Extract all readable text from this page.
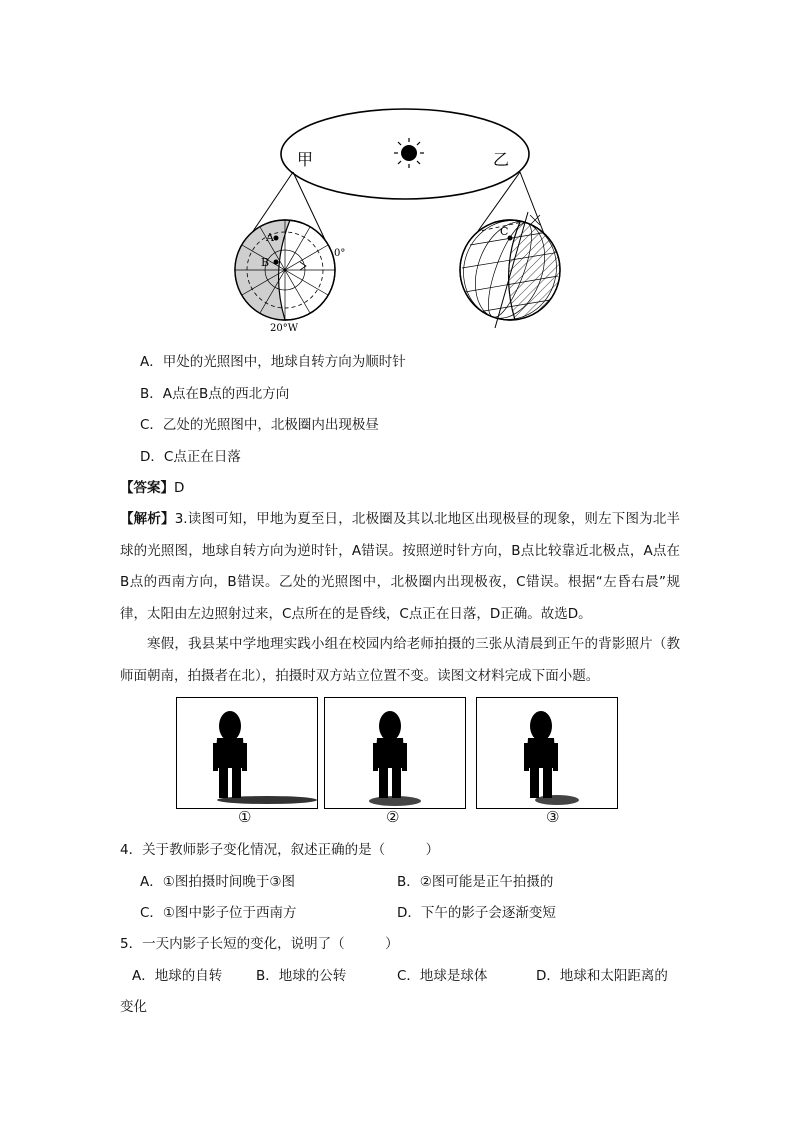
甲	乙
A
B
C
0°
20°W
A．甲处的光照图中，地球自转方向为顺时针
B．A点在B点的西北方向
C．乙处的光照图中，北极圈内出现极昼
D．C点正在日落
【答案】D
【解析】3.读图可知，甲地为夏至日，北极圈及其以北地区出现极昼的现象，则左下图为北半球的光照图，地球自转方向为逆时针，A错误。按照逆时针方向，B点比较靠近北极点，A点在B点的西南方向，B错误。乙处的光照图中，北极圈内出现极夜，C错误。根据“左昏右晨”规律，太阳由左边照射过来，C点所在的是昏线，C点正在日落，D正确。故选D。
寒假，我县某中学地理实践小组在校园内给老师拍摄的三张从清晨到正午的背影照片（教师面朝南，拍摄者在北），拍摄时双方站立位置不变。读图文材料完成下面小题。
①	②	③
4．关于教师影子变化情况，叙述正确的是（　　　）
A．①图拍摄时间晚于③图	B．②图可能是正午拍摄的
C．①图中影子位于西南方	D．下午的影子会逐渐变短
5．一天内影子长短的变化，说明了（　　　）
A．地球的自转	B．地球的公转	C．地球是球体	D．地球和太阳距离的
变化
